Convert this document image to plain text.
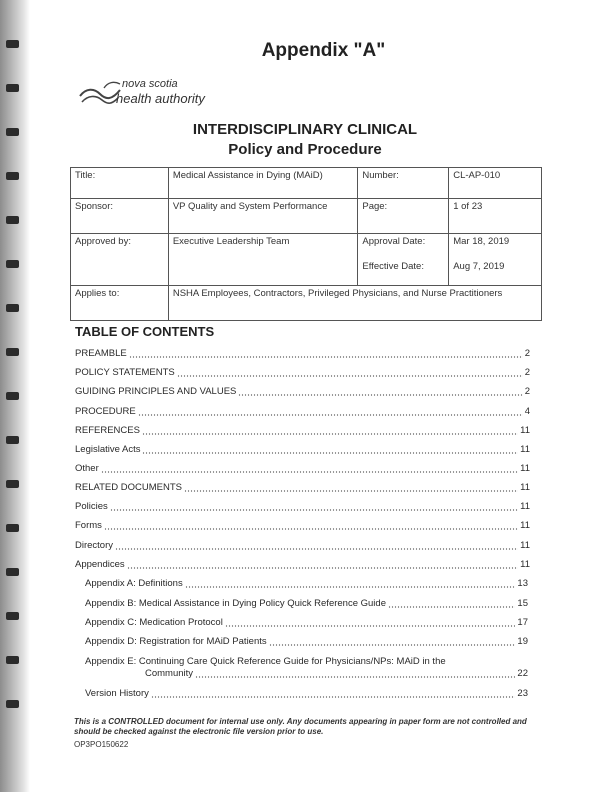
Appendix "A"
nova scotia
health authority
INTERDISCIPLINARY CLINICAL
Policy and Procedure
Title:	Medical Assistance in Dying (MAiD)	Number:	CL-AP-010
Sponsor:	VP Quality and System Performance	Page:	1 of 23
Approved by:	Executive Leadership Team	Approval Date:	Mar 18, 2019
		Effective Date:	Aug 7, 2019
Applies to:	NSHA Employees, Contractors, Privileged Physicians, and Nurse Practitioners		
TABLE OF CONTENTS
PREAMBLE	2
POLICY STATEMENTS	2
GUIDING PRINCIPLES AND VALUES	2
PROCEDURE	4
REFERENCES	11
Legislative Acts	11
Other	11
RELATED DOCUMENTS	11
Policies	11
Forms	11
Directory	11
Appendices	11
Appendix A: Definitions	13
Appendix B: Medical Assistance in Dying Policy Quick Reference Guide	15
Appendix C: Medication Protocol	17
Appendix D: Registration for MAiD Patients	19
Appendix E: Continuing Care Quick Reference Guide for Physicians/NPs: MAiD in the
Community	22
Version History	23
This is a CONTROLLED document for internal use only. Any documents appearing in paper form are not controlled and should be checked against the electronic file version prior to use.
OP3PO150622
